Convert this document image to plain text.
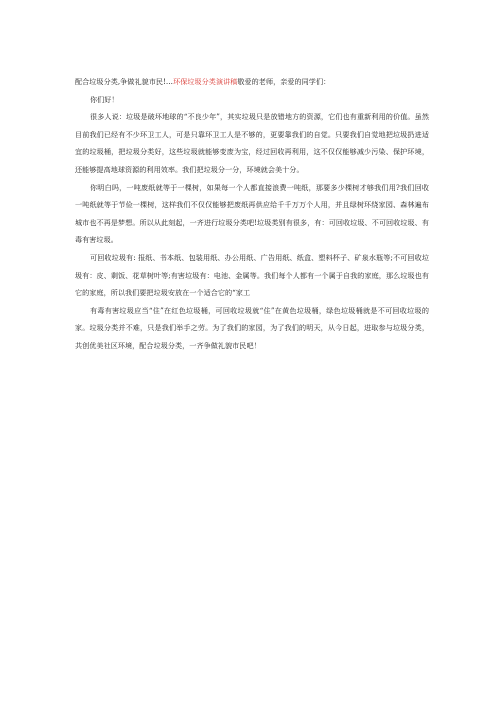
配合垃圾分类,争做礼貌市民!…环保垃圾分类演讲稿敬爱的老师，亲爱的同学们：

你们好！

很多人说：垃圾是破坏地球的“不良少年”，其实垃圾只是放错地方的资源，它们也有重新利用的价值。虽然目前我们已经有不少环卫工人，可是只靠环卫工人是不够的，更要靠我们的自觉。只要我们自觉地把垃圾扔进适宜的垃圾桶，把垃圾分类好，这些垃圾就能够变废为宝，经过回收再利用，这不仅仅能够减少污染、保护环境，还能够提高地球资源的利用效率。我们把垃圾分一分，环境就会美十分。

你明白吗，一吨废纸就等于一棵树，如果每一个人都直接浪费一吨纸，那要多少棵树才够我们用?我们回收一吨纸就等于节俭一棵树，这样我们不仅仅能够把废纸再供应给千千万万个人用，并且绿树环绕家园、森林遍布城市也不再是梦想。所以从此刻起，一齐进行垃圾分类吧!垃圾类别有很多，有：可回收垃圾、不可回收垃圾、有毒有害垃圾。

可回收垃圾有: 报纸、书本纸、包装用纸、办公用纸、广告用纸、纸盒、塑料杯子、矿泉水瓶等;不可回收垃圾有：皮、剩饭、花草树叶等;有害垃圾有：电池、金属等。我们每个人都有一个属于自我的家庭，那么垃圾也有它的家庭，所以我们要把垃圾安放在一个适合它的“家工

有毒有害垃圾应当“住”在红色垃圾桶，可回收垃圾就“住”在黄色垃圾桶，绿色垃圾桶就是不可回收垃圾的家。垃圾分类并不难，只是我们举手之劳。为了我们的家园，为了我们的明天，从今日起，进取参与垃圾分类，共创优美社区环境，配合垃圾分类，一齐争做礼貌市民吧！
